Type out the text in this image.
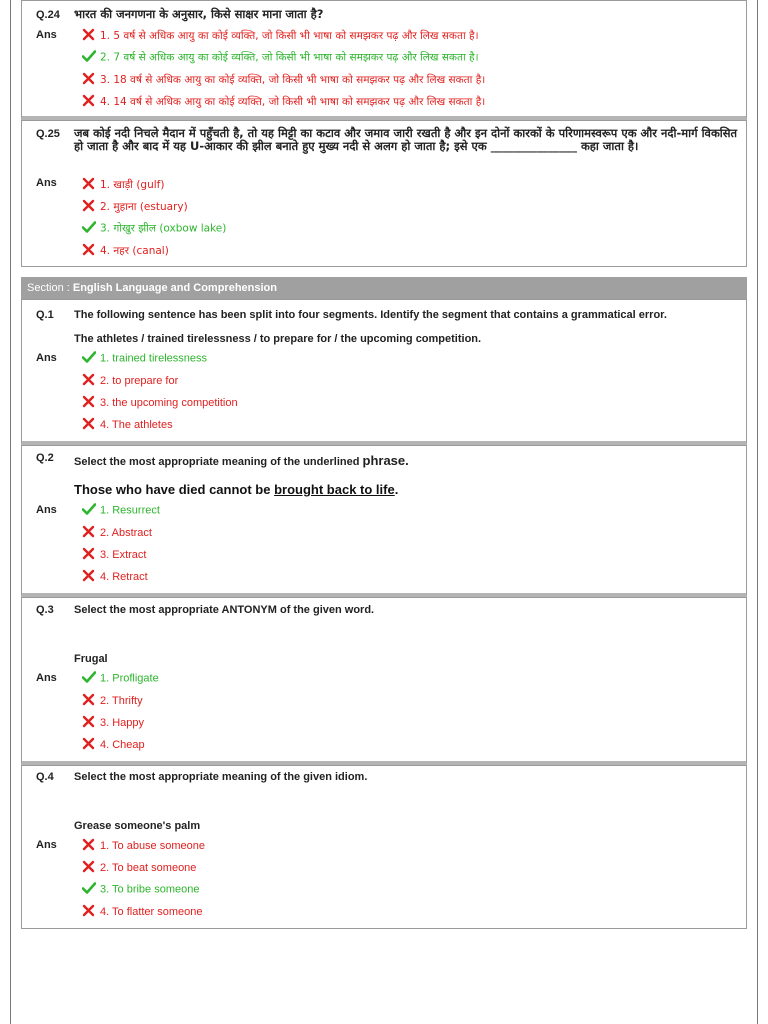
Q.24 भारत की जनगणना के अनुसार, किसे साक्षर माना जाता है?
Ans	1. 5 वर्ष से अधिक आयु का कोई व्यक्ति, जो किसी भी भाषा को समझकर पढ़ और लिख सकता है।
2. 7 वर्ष से अधिक आयु का कोई व्यक्ति, जो किसी भी भाषा को समझकर पढ़ और लिख सकता है।
3. 18 वर्ष से अधिक आयु का कोई व्यक्ति, जो किसी भी भाषा को समझकर पढ़ और लिख सकता है।
4. 14 वर्ष से अधिक आयु का कोई व्यक्ति, जो किसी भी भाषा को समझकर पढ़ और लिख सकता है।
Q.25 जब कोई नदी निचले मैदान में पहुँचती है, तो यह मिट्टी का कटाव और जमाव जारी रखती है और इन दोनों कारकों के परिणामस्वरूप एक और नदी-मार्ग विकसित हो जाता है और बाद में यह U-आकार की झील बनाते हुए मुख्य नदी से अलग हो जाता है; इसे एक _______________ कहा जाता है।
Ans	1. खाड़ी (gulf)
2. मुहाना (estuary)
3. गोखुर झील (oxbow lake)
4. नहर (canal)
Section : English Language and Comprehension
Q.1 The following sentence has been split into four segments. Identify the segment that contains a grammatical error.
The athletes / trained tirelessness / to prepare for / the upcoming competition.
Ans	1. trained tirelessness
2. to prepare for
3. the upcoming competition
4. The athletes
Q.2 Select the most appropriate meaning of the underlined phrase.
Those who have died cannot be brought back to life.
Ans	1. Resurrect
2. Abstract
3. Extract
4. Retract
Q.3 Select the most appropriate ANTONYM of the given word.
Frugal
Ans	1. Profligate
2. Thrifty
3. Happy
4. Cheap
Q.4 Select the most appropriate meaning of the given idiom.
Grease someone's palm
Ans	1. To abuse someone
2. To beat someone
3. To bribe someone
4. To flatter someone
